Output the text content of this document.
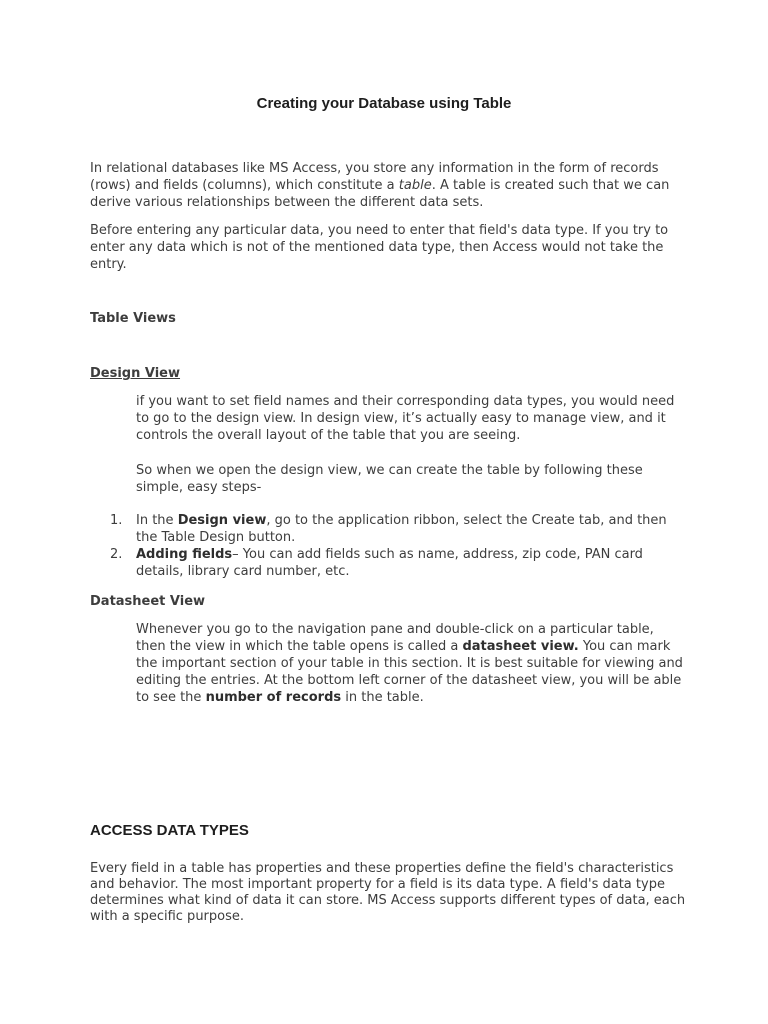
Creating your Database using Table

In relational databases like MS Access, you store any information in the form of records (rows) and fields (columns), which constitute a table. A table is created such that we can derive various relationships between the different data sets.

Before entering any particular data, you need to enter that field's data type. If you try to enter any data which is not of the mentioned data type, then Access would not take the entry.

Table Views

Design View

if you want to set field names and their corresponding data types, you would need to go to the design view. In design view, it’s actually easy to manage view, and it controls the overall layout of the table that you are seeing.

So when we open the design view, we can create the table by following these simple, easy steps-

1. In the Design view, go to the application ribbon, select the Create tab, and then the Table Design button.
2. Adding fields– You can add fields such as name, address, zip code, PAN card details, library card number, etc.

Datasheet View

Whenever you go to the navigation pane and double-click on a particular table, then the view in which the table opens is called a datasheet view. You can mark the important section of your table in this section. It is best suitable for viewing and editing the entries. At the bottom left corner of the datasheet view, you will be able to see the number of records in the table.

ACCESS DATA TYPES

Every field in a table has properties and these properties define the field's characteristics and behavior. The most important property for a field is its data type. A field's data type determines what kind of data it can store. MS Access supports different types of data, each with a specific purpose.
